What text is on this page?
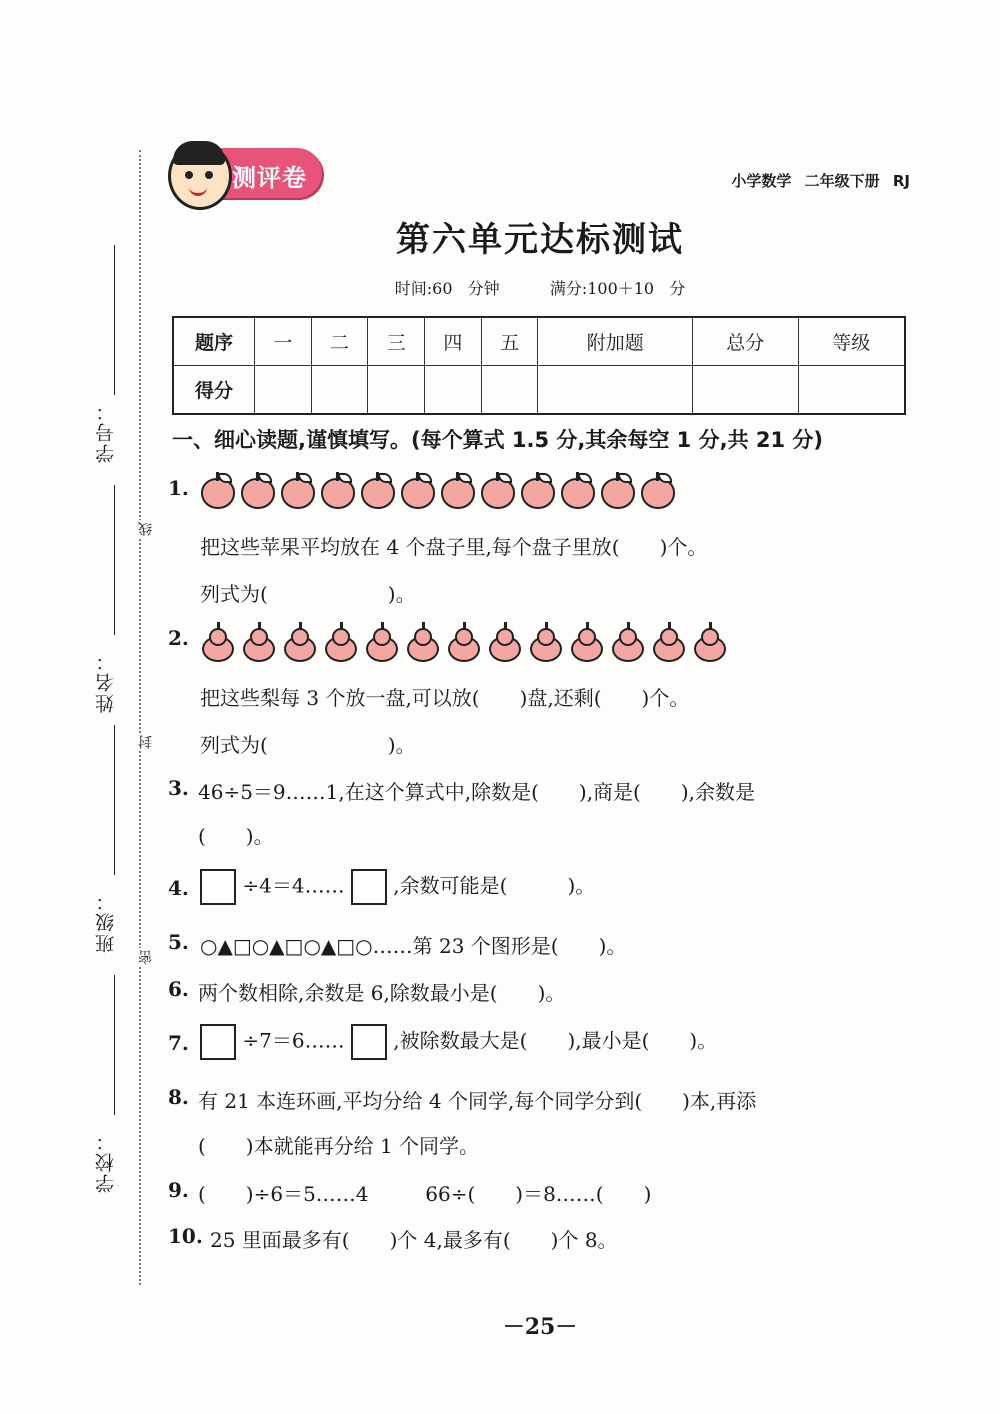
学号：
姓名：
班级：
学校：
线
封
密
测评卷	小学数学 二年级下册 RJ
第六单元达标测试
时间:60 分钟	满分:100＋10 分
题序	一	二	三	四	五	附加题	总分	等级
得分								
一、细心读题,谨慎填写。(每个算式 1.5 分,其余每空 1 分,共 21 分)
1.
把这些苹果平均放在 4 个盘子里,每个盘子里放(　　)个。
列式为(　　　　　　)。
2.
把这些梨每 3 个放一盘,可以放(　　)盘,还剩(　　)个。
列式为(　　　　　　)。
3. 46÷5＝9……1,在这个算式中,除数是(　　),商是(　　),余数是
(　　)。
4.	÷4＝4…… ,余数可能是(　　　)。
5. ○▲□○▲□○▲□○……第 23 个图形是(　　)。
6. 两个数相除,余数是 6,除数最小是(　　)。
7.	÷7＝6…… ,被除数最大是(　　),最小是(　　)。
8. 有 21 本连环画,平均分给 4 个同学,每个同学分到(　　)本,再添
(　　)本就能再分给 1 个同学。
9. (　　)÷6＝5……4	66÷(　　)＝8……(　　)
10. 25 里面最多有(　　)个 4,最多有(　　)个 8。
－25－
